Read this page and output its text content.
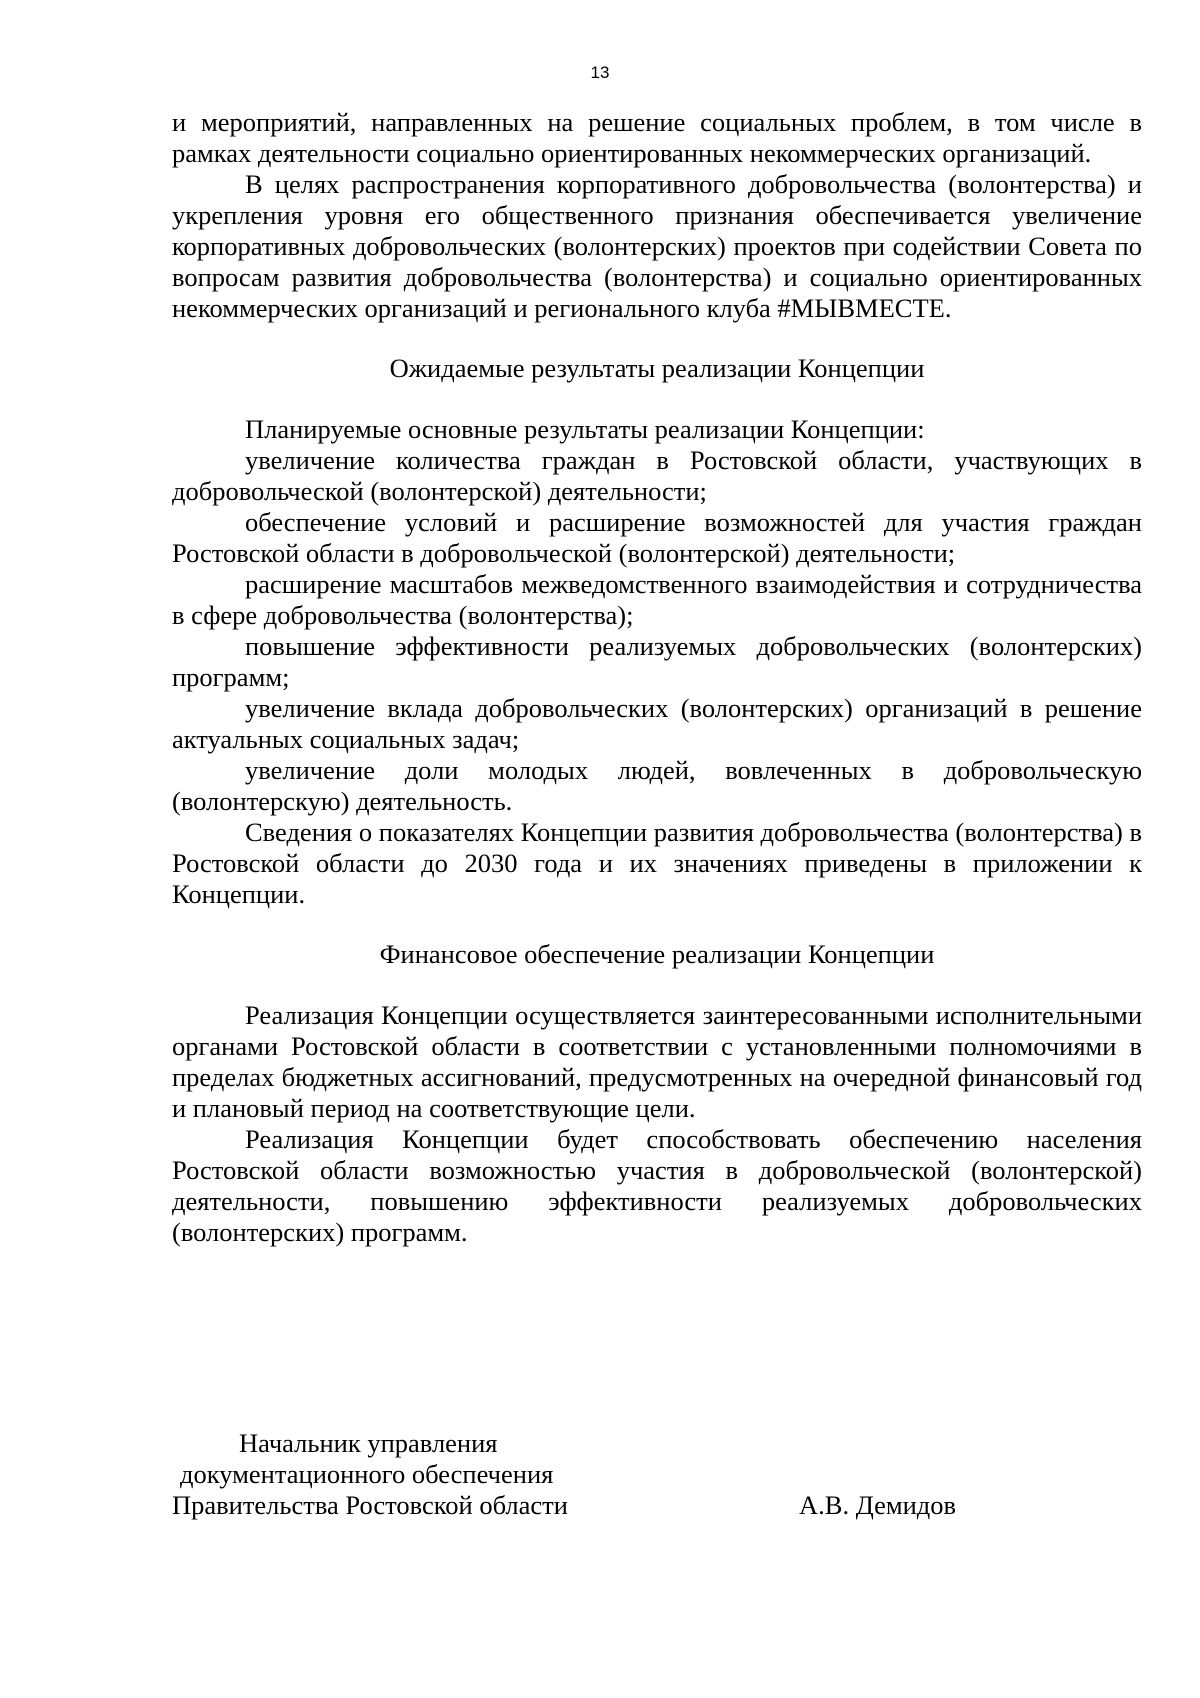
13

и мероприятий, направленных на решение социальных проблем, в том числе в рамках деятельности социально ориентированных некоммерческих организаций.

В целях распространения корпоративного добровольчества (волонтерства) и укрепления уровня его общественного признания обеспечивается увеличение корпоративных добровольческих (волонтерских) проектов при содействии Совета по вопросам развития добровольчества (волонтерства) и социально ориентированных некоммерческих организаций и регионального клуба #МЫВМЕСТЕ.

Ожидаемые результаты реализации Концепции

Планируемые основные результаты реализации Концепции:

увеличение количества граждан в Ростовской области, участвующих в добровольческой (волонтерской) деятельности;

обеспечение условий и расширение возможностей для участия граждан Ростовской области в добровольческой (волонтерской) деятельности;

расширение масштабов межведомственного взаимодействия и сотрудничества в сфере добровольчества (волонтерства);

повышение эффективности реализуемых добровольческих (волонтерских) программ;

увеличение вклада добровольческих (волонтерских) организаций в решение актуальных социальных задач;

увеличение доли молодых людей, вовлеченных в добровольческую (волонтерскую) деятельность.

Сведения о показателях Концепции развития добровольчества (волонтерства) в Ростовской области до 2030 года и их значениях приведены в приложении к Концепции.

Финансовое обеспечение реализации Концепции

Реализация Концепции осуществляется заинтересованными исполнительными органами Ростовской области в соответствии с установленными полномочиями в пределах бюджетных ассигнований, предусмотренных на очередной финансовый год и плановый период на соответствующие цели.

Реализация Концепции будет способствовать обеспечению населения Ростовской области возможностью участия в добровольческой (волонтерской) деятельности, повышению эффективности реализуемых добровольческих (волонтерских) программ.

Начальник управления
документационного обеспечения
Правительства Ростовской области	А.В. Демидов
